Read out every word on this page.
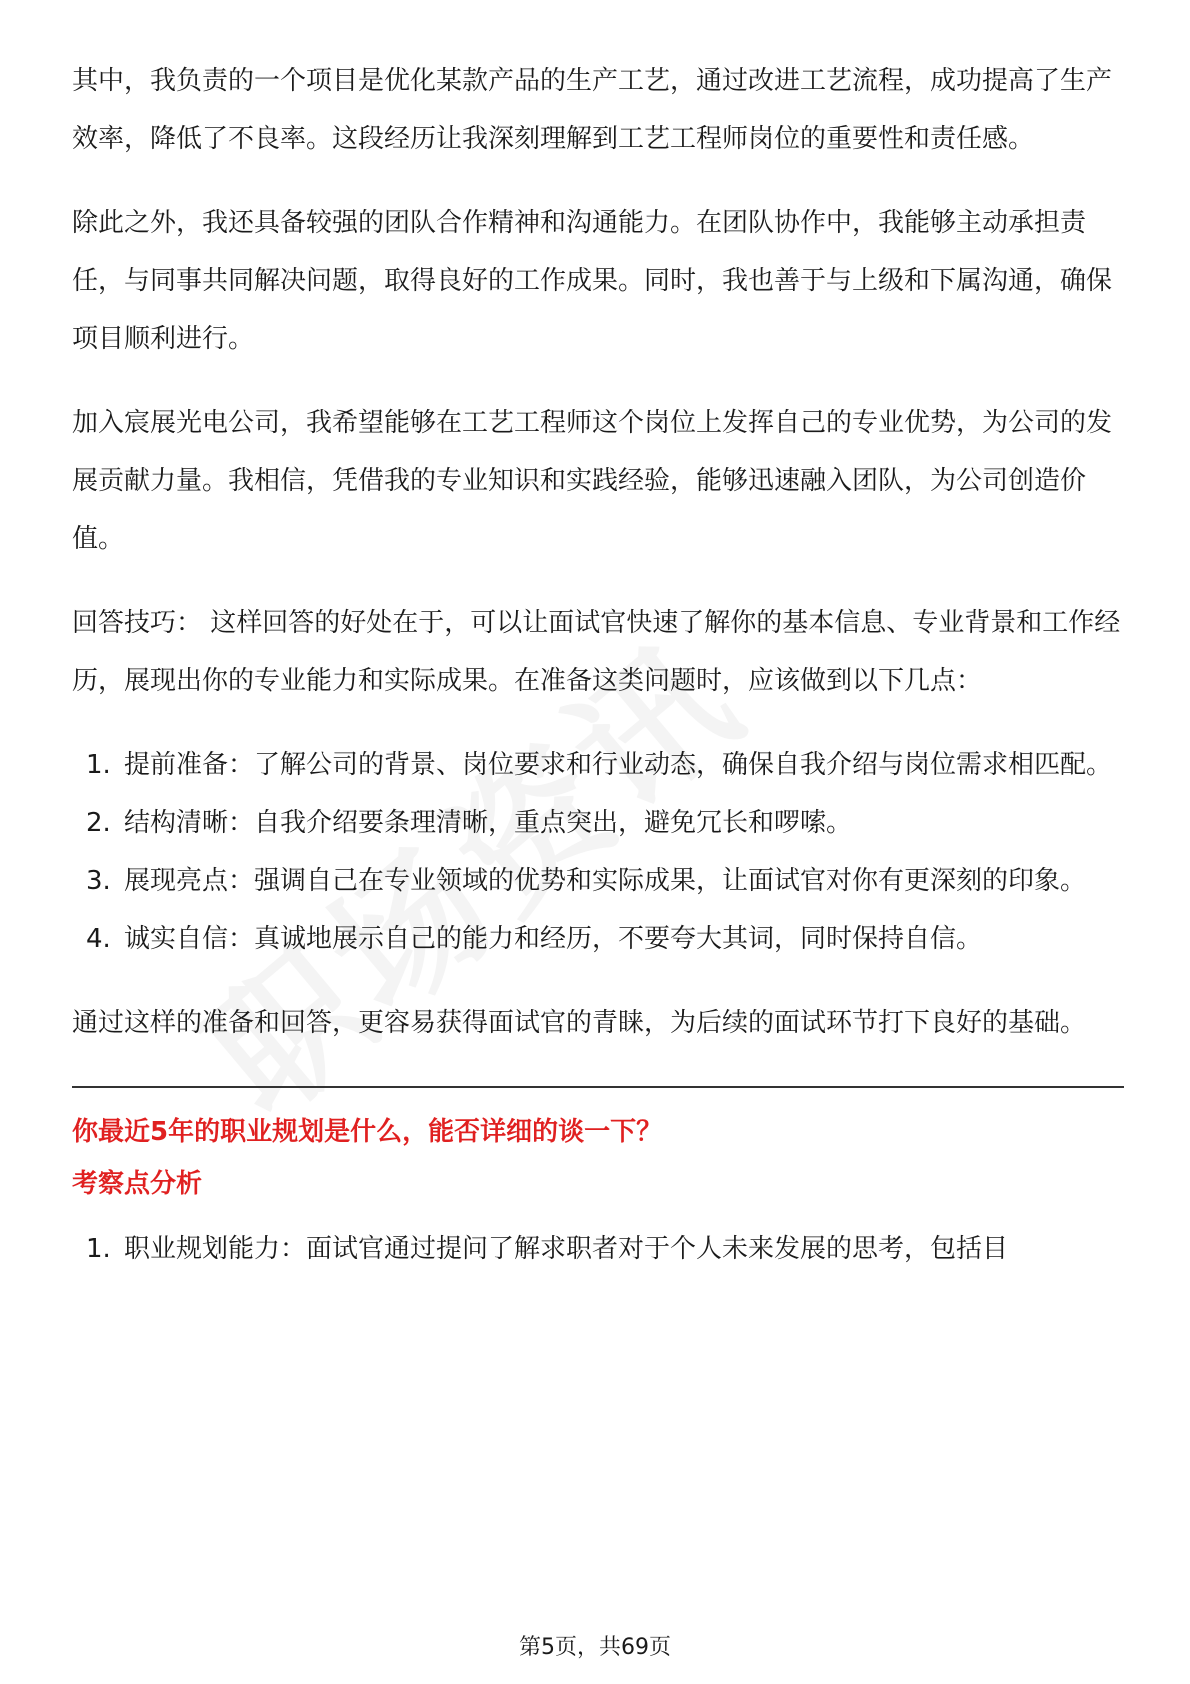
其中，我负责的一个项目是优化某款产品的生产工艺，通过改进工艺流程，成功提高了生产效率，降低了不良率。这段经历让我深刻理解到工艺工程师岗位的重要性和责任感。

除此之外，我还具备较强的团队合作精神和沟通能力。在团队协作中，我能够主动承担责任，与同事共同解决问题，取得良好的工作成果。同时，我也善于与上级和下属沟通，确保项目顺利进行。

加入宸展光电公司，我希望能够在工艺工程师这个岗位上发挥自己的专业优势，为公司的发展贡献力量。我相信，凭借我的专业知识和实践经验，能够迅速融入团队，为公司创造价值。

回答技巧： 这样回答的好处在于，可以让面试官快速了解你的基本信息、专业背景和工作经历，展现出你的专业能力和实际成果。在准备这类问题时，应该做到以下几点：

1. 提前准备：了解公司的背景、岗位要求和行业动态，确保自我介绍与岗位需求相匹配。
2. 结构清晰：自我介绍要条理清晰，重点突出，避免冗长和啰嗦。
3. 展现亮点：强调自己在专业领域的优势和实际成果，让面试官对你有更深刻的印象。
4. 诚实自信：真诚地展示自己的能力和经历，不要夸大其词，同时保持自信。

通过这样的准备和回答，更容易获得面试官的青睐，为后续的面试环节打下良好的基础。

你最近5年的职业规划是什么，能否详细的谈一下？

考察点分析

1. 职业规划能力：面试官通过提问了解求职者对于个人未来发展的思考，包括目
第5页，共69页
